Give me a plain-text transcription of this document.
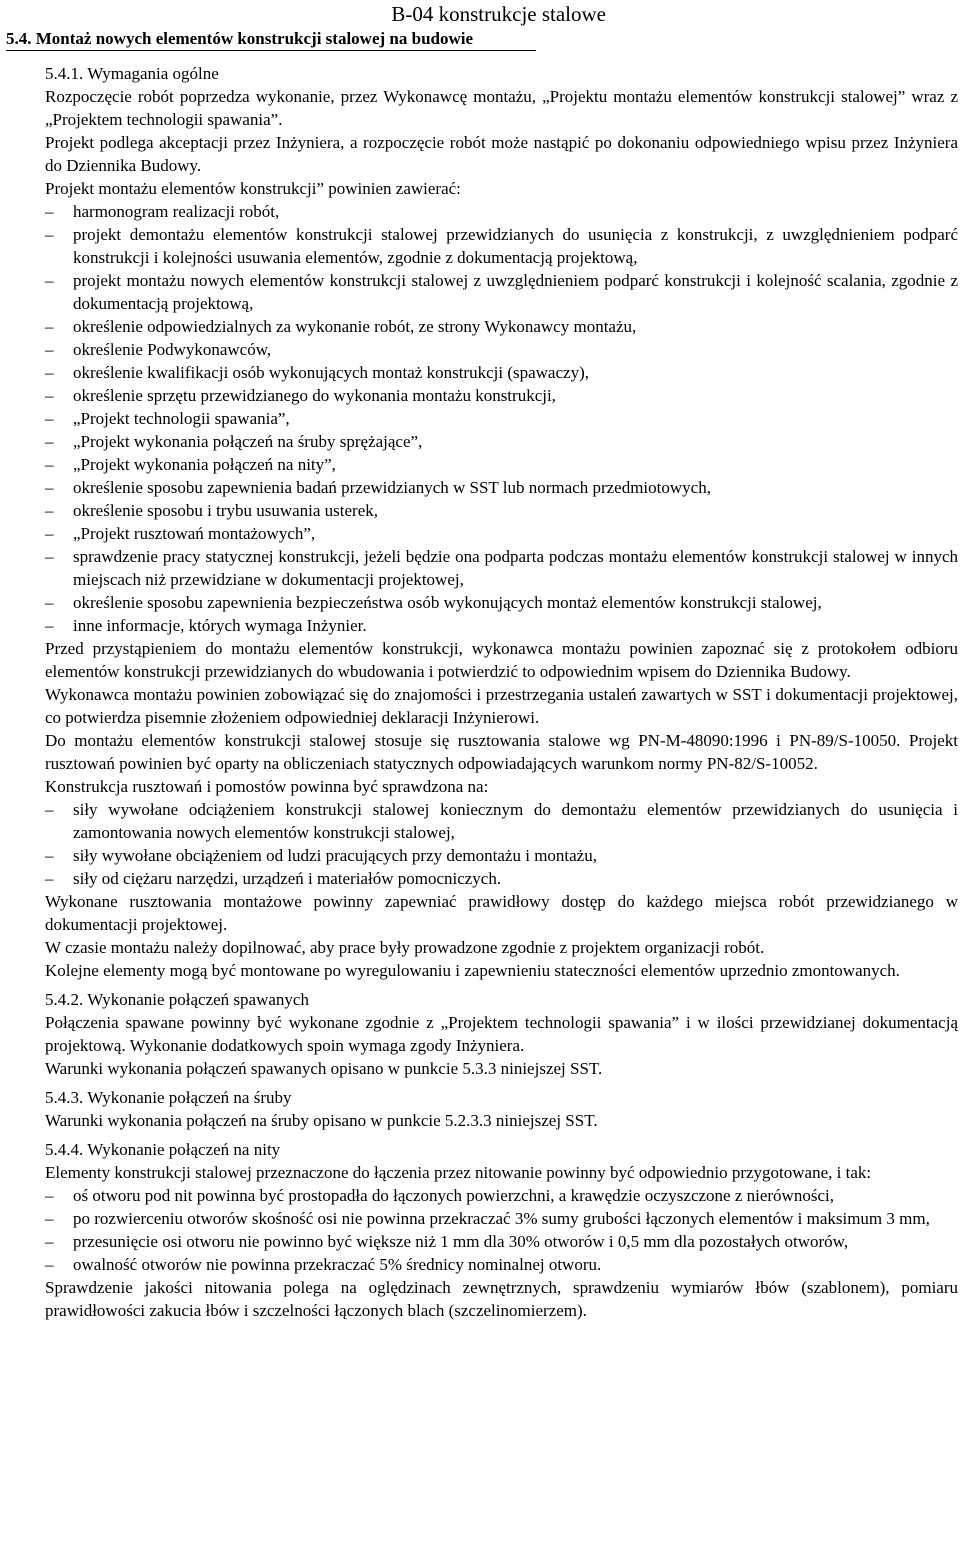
B-04 konstrukcje stalowe
5.4. Montaż nowych elementów konstrukcji stalowej na budowie

5.4.1. Wymagania ogólne

Rozpoczęcie robót poprzedza wykonanie, przez Wykonawcę montażu, „Projektu montażu elementów konstrukcji stalowej” wraz z „Projektem technologii spawania”.

Projekt podlega akceptacji przez Inżyniera, a rozpoczęcie robót może nastąpić po dokonaniu odpowiedniego wpisu przez Inżyniera do Dziennika Budowy.

Projekt montażu elementów konstrukcji” powinien zawierać:

– harmonogram realizacji robót,
– projekt demontażu elementów konstrukcji stalowej przewidzianych do usunięcia z konstrukcji, z uwzględnieniem podparć konstrukcji i kolejności usuwania elementów, zgodnie z dokumentacją projektową,
– projekt montażu nowych elementów konstrukcji stalowej z uwzględnieniem podparć konstrukcji i kolejność scalania, zgodnie z dokumentacją projektową,
– określenie odpowiedzialnych za wykonanie robót, ze strony Wykonawcy montażu,
– określenie Podwykonawców,
– określenie kwalifikacji osób wykonujących montaż konstrukcji (spawaczy),
– określenie sprzętu przewidzianego do wykonania montażu konstrukcji,
– „Projekt technologii spawania”,
– „Projekt wykonania połączeń na śruby sprężające”,
– „Projekt wykonania połączeń na nity”,
– określenie sposobu zapewnienia badań przewidzianych w SST lub normach przedmiotowych,
– określenie sposobu i trybu usuwania usterek,
– „Projekt rusztowań montażowych”,
– sprawdzenie pracy statycznej konstrukcji, jeżeli będzie ona podparta podczas montażu elementów konstrukcji stalowej w innych miejscach niż przewidziane w dokumentacji projektowej,
– określenie sposobu zapewnienia bezpieczeństwa osób wykonujących montaż elementów konstrukcji stalowej,
– inne informacje, których wymaga Inżynier.

Przed przystąpieniem do montażu elementów konstrukcji, wykonawca montażu powinien zapoznać się z protokołem odbioru elementów konstrukcji przewidzianych do wbudowania i potwierdzić to odpowiednim wpisem do Dziennika Budowy.

Wykonawca montażu powinien zobowiązać się do znajomości i przestrzegania ustaleń zawartych w SST i dokumentacji projektowej, co potwierdza pisemnie złożeniem odpowiedniej deklaracji Inżynierowi.

Do montażu elementów konstrukcji stalowej stosuje się rusztowania stalowe wg PN-M-48090:1996 i PN-89/S-10050. Projekt rusztowań powinien być oparty na obliczeniach statycznych odpowiadających warunkom normy PN-82/S-10052.

Konstrukcja rusztowań i pomostów powinna być sprawdzona na:

– siły wywołane odciążeniem konstrukcji stalowej koniecznym do demontażu elementów przewidzianych do usunięcia i zamontowania nowych elementów konstrukcji stalowej,
– siły wywołane obciążeniem od ludzi pracujących przy demontażu i montażu,
– siły od ciężaru narzędzi, urządzeń i materiałów pomocniczych.

Wykonane rusztowania montażowe powinny zapewniać prawidłowy dostęp do każdego miejsca robót przewidzianego w dokumentacji projektowej.

W czasie montażu należy dopilnować, aby prace były prowadzone zgodnie z projektem organizacji robót.

Kolejne elementy mogą być montowane po wyregulowaniu i zapewnieniu stateczności elementów uprzednio zmontowanych.

5.4.2. Wykonanie połączeń spawanych

Połączenia spawane powinny być wykonane zgodnie z „Projektem technologii spawania” i w ilości przewidzianej dokumentacją projektową. Wykonanie dodatkowych spoin wymaga zgody Inżyniera.

Warunki wykonania połączeń spawanych opisano w punkcie 5.3.3 niniejszej SST.

5.4.3. Wykonanie połączeń na śruby

Warunki wykonania połączeń na śruby opisano w punkcie 5.2.3.3 niniejszej SST.

5.4.4. Wykonanie połączeń na nity

Elementy konstrukcji stalowej przeznaczone do łączenia przez nitowanie powinny być odpowiednio przygotowane, i tak:

– oś otworu pod nit powinna być prostopadła do łączonych powierzchni, a krawędzie oczyszczone z nierówności,
– po rozwierceniu otworów skośność osi nie powinna przekraczać 3% sumy grubości łączonych elementów i maksimum 3 mm,
– przesunięcie osi otworu nie powinno być większe niż 1 mm dla 30% otworów i 0,5 mm dla pozostałych otworów,
– owalność otworów nie powinna przekraczać 5% średnicy nominalnej otworu.

Sprawdzenie jakości nitowania polega na oględzinach zewnętrznych, sprawdzeniu wymiarów łbów (szablonem), pomiaru prawidłowości zakucia łbów i szczelności łączonych blach (szczelinomierzem).
